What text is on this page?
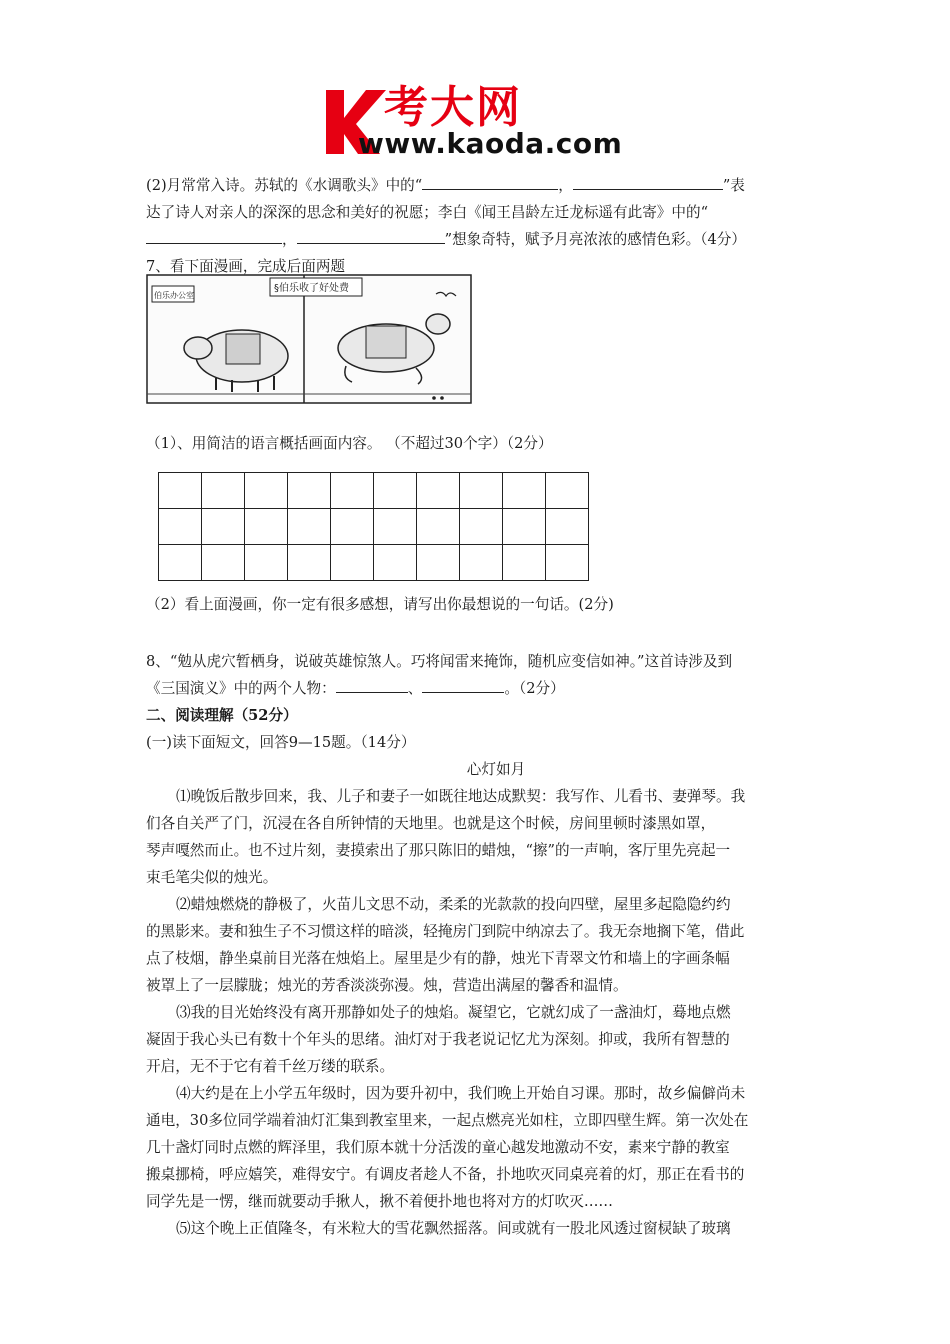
考大网
www.kaoda.com
伯乐办公室
§伯乐收了好处费

(2)月常常入诗。苏轼的《水调歌头》中的“	，	”表
达了诗人对亲人的深深的思念和美好的祝愿；李白《闻王昌龄左迁龙标遥有此寄》中的“
，	”想象奇特，赋予月亮浓浓的感情色彩。（4分）
7、看下面漫画，完成后面两题
（1）、用简洁的语言概括画面内容。 （不超过30个字）（2分）
（2）看上面漫画，你一定有很多感想，请写出你最想说的一句话。(2分)
8、“勉从虎穴暂栖身，说破英雄惊煞人。巧将闻雷来掩饰，随机应变信如神。”这首诗涉及到
《三国演义》中的两个人物：	、	。（2分）
二、阅读理解（52分）
(一)读下面短文，回答9—15题。（14分）
心灯如月
⑴晚饭后散步回来，我、儿子和妻子一如既往地达成默契：我写作、儿看书、妻弹琴。我
们各自关严了门，沉浸在各自所钟情的天地里。也就是这个时候，房间里顿时漆黑如罩，
琴声嘎然而止。也不过片刻，妻摸索出了那只陈旧的蜡烛，“擦”的一声响，客厅里先亮起一
束毛笔尖似的烛光。
⑵蜡烛燃烧的静极了，火苗儿文思不动，柔柔的光款款的投向四壁，屋里多起隐隐约约
的黑影来。妻和独生子不习惯这样的暗淡，轻掩房门到院中纳凉去了。我无奈地搁下笔，借此
点了枝烟，静坐桌前目光落在烛焰上。屋里是少有的静，烛光下青翠文竹和墙上的字画条幅
被罩上了一层朦胧；烛光的芳香淡淡弥漫。烛，营造出满屋的馨香和温情。
⑶我的目光始终没有离开那静如处子的烛焰。凝望它，它就幻成了一盏油灯，蓦地点燃
凝固于我心头已有数十个年头的思绪。油灯对于我老说记忆尤为深刻。抑或，我所有智慧的
开启，无不于它有着千丝万缕的联系。
⑷大约是在上小学五年级时，因为要升初中，我们晚上开始自习课。那时，故乡偏僻尚未
通电，30多位同学端着油灯汇集到教室里来，一起点燃亮光如柱，立即四壁生辉。第一次处在
几十盏灯同时点燃的辉泽里，我们原本就十分活泼的童心越发地激动不安，素来宁静的教室
搬桌挪椅，呼应嬉笑，难得安宁。有调皮者趁人不备，扑地吹灭同桌亮着的灯，那正在看书的
同学先是一愣，继而就要动手揪人，揪不着便扑地也将对方的灯吹灭……
⑸这个晚上正值隆冬，有米粒大的雪花飘然摇落。间或就有一股北风透过窗棂缺了玻璃
